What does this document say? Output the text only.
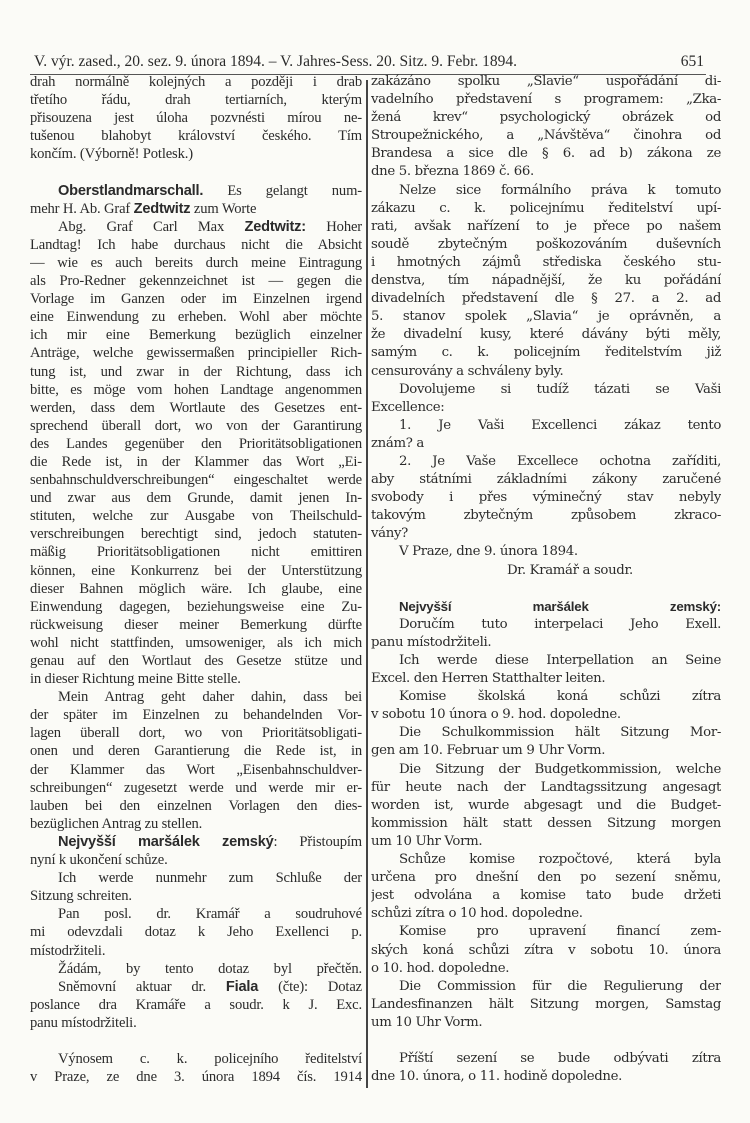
V. výr. zased., 20. sez. 9. února 1894. – V. Jahres-Sess. 20. Sitz. 9. Febr. 1894.	651
drah normálně kolejných a později i drab
třetího řádu, drah tertiarních, kterým
přisouzena jest úloha pozvnésti mírou ne-
tušenou blahobyt království českého. Tím
končím. (Výborně! Potlesk.)
Oberstlandmarschall. Es gelangt num-
mehr H. Ab. Graf Zedtwitz zum Worte
Abg. Graf Carl Max Zedtwitz: Hoher
Landtag! Ich habe durchaus nicht die Absicht
— wie es auch bereits durch meine Eintragung
als Pro-Redner gekennzeichnet ist — gegen die
Vorlage im Ganzen oder im Einzelnen irgend
eine Einwendung zu erheben. Wohl aber möchte
ich mir eine Bemerkung bezüglich einzelner
Anträge, welche gewissermaßen principieller Rich-
tung ist, und zwar in der Richtung, dass ich
bitte, es möge vom hohen Landtage angenommen
werden, dass dem Wortlaute des Gesetzes ent-
sprechend überall dort, wo von der Garantirung
des Landes gegenüber den Prioritätsobligationen
die Rede ist, in der Klammer das Wort „Ei-
senbahnschuldverschreibungen“ eingeschaltet werde
und zwar aus dem Grunde, damit jenen In-
stituten, welche zur Ausgabe von Theilschuld-
verschreibungen berechtigt sind, jedoch statuten-
mäßig Prioritätsobligationen nicht emittiren
können, eine Konkurrenz bei der Unterstützung
dieser Bahnen möglich wäre. Ich glaube, eine
Einwendung dagegen, beziehungsweise eine Zu-
rückweisung dieser meiner Bemerkung dürfte
wohl nicht stattfinden, umsoweniger, als ich mich
genau auf den Wortlaut des Gesetze stütze und
in dieser Richtung meine Bitte stelle.
Mein Antrag geht daher dahin, dass bei
der später im Einzelnen zu behandelnden Vor-
lagen überall dort, wo von Prioritätsobligati-
onen und deren Garantierung die Rede ist, in
der Klammer das Wort „Eisenbahnschuldver-
schreibungen“ zugesetzt werde und werde mir er-
lauben bei den einzelnen Vorlagen den dies-
bezüglichen Antrag zu stellen.
Nejvyšší maršálek zemský: Přistoupím
nyní k ukončení schůze.
Ich werde nunmehr zum Schluße der
Sitzung schreiten.
Pan posl. dr. Kramář a soudruhové
mi odevzdali dotaz k Jeho Exellenci p.
místodržiteli.
Žádám, by tento dotaz byl přečtěn.
Sněmovní aktuar dr. Fiala (čte): Dotaz
poslance dra Kramáře a soudr. k J. Exc.
panu místodržiteli.
Výnosem c. k. policejního ředitelství
v Praze, ze dne 3. února 1894 čís. 1914
zakázáno spolku „Slavie“ uspořádání di-
vadelního představení s programem: „Zka-
žená krev“ psychologický obrázek od
Stroupežnického, a „Návštěva“ činohra od
Brandesa a sice dle § 6. ad b) zákona ze
dne 5. března 1869 č. 66.
Nelze sice formálního práva k tomuto
zákazu c. k. policejnímu ředitelství upí-
rati, avšak nařízení to je přece po našem
soudě zbytečným poškozováním duševních
i hmotných zájmů střediska českého stu-
denstva, tím nápadnější, že ku pořádání
divadelních představení dle § 27. a 2. ad
5. stanov spolek „Slavia“ je oprávněn, a
že divadelní kusy, které dávány býti měly,
samým c. k. policejním ředitelstvím již
censurovány a schváleny byly.
Dovolujeme si tudíž tázati se Vaši
Excellence:
1. Je Vaši Excellenci zákaz tento
znám? a
2. Je Vaše Excellece ochotna zaříditi,
aby státními základními zákony zaručené
svobody i přes výminečný stav nebyly
takovým zbytečným způsobem zkraco-
vány?
V Praze, dne 9. února 1894.
Dr. Kramář a soudr.
Nejvyšší maršálek zemský:
Doručím tuto interpelaci Jeho Exell.
panu místodržiteli.
Ich werde diese Interpellation an Seine
Excel. den Herren Statthalter leiten.
Komise školská koná schůzi zítra
v sobotu 10 února o 9. hod. dopoledne.
Die Schulkommission hält Sitzung Mor-
gen am 10. Februar um 9 Uhr Vorm.
Die Sitzung der Budgetkommission, welche
für heute nach der Landtagssitzung angesagt
worden ist, wurde abgesagt und die Budget-
kommission hält statt dessen Sitzung morgen
um 10 Uhr Vorm.
Schůze komise rozpočtové, která byla
určena pro dnešní den po sezení sněmu,
jest odvolána a komise tato bude držeti
schůzi zítra o 10 hod. dopoledne.
Komise pro upravení financí zem-
ských koná schůzi zítra v sobotu 10. února
o 10. hod. dopoledne.
Die Commission für die Regulierung der
Landesfinanzen hält Sitzung morgen, Samstag
um 10 Uhr Vorm.
Příští sezení se bude odbývati zítra
dne 10. února, o 11. hodině dopoledne.
